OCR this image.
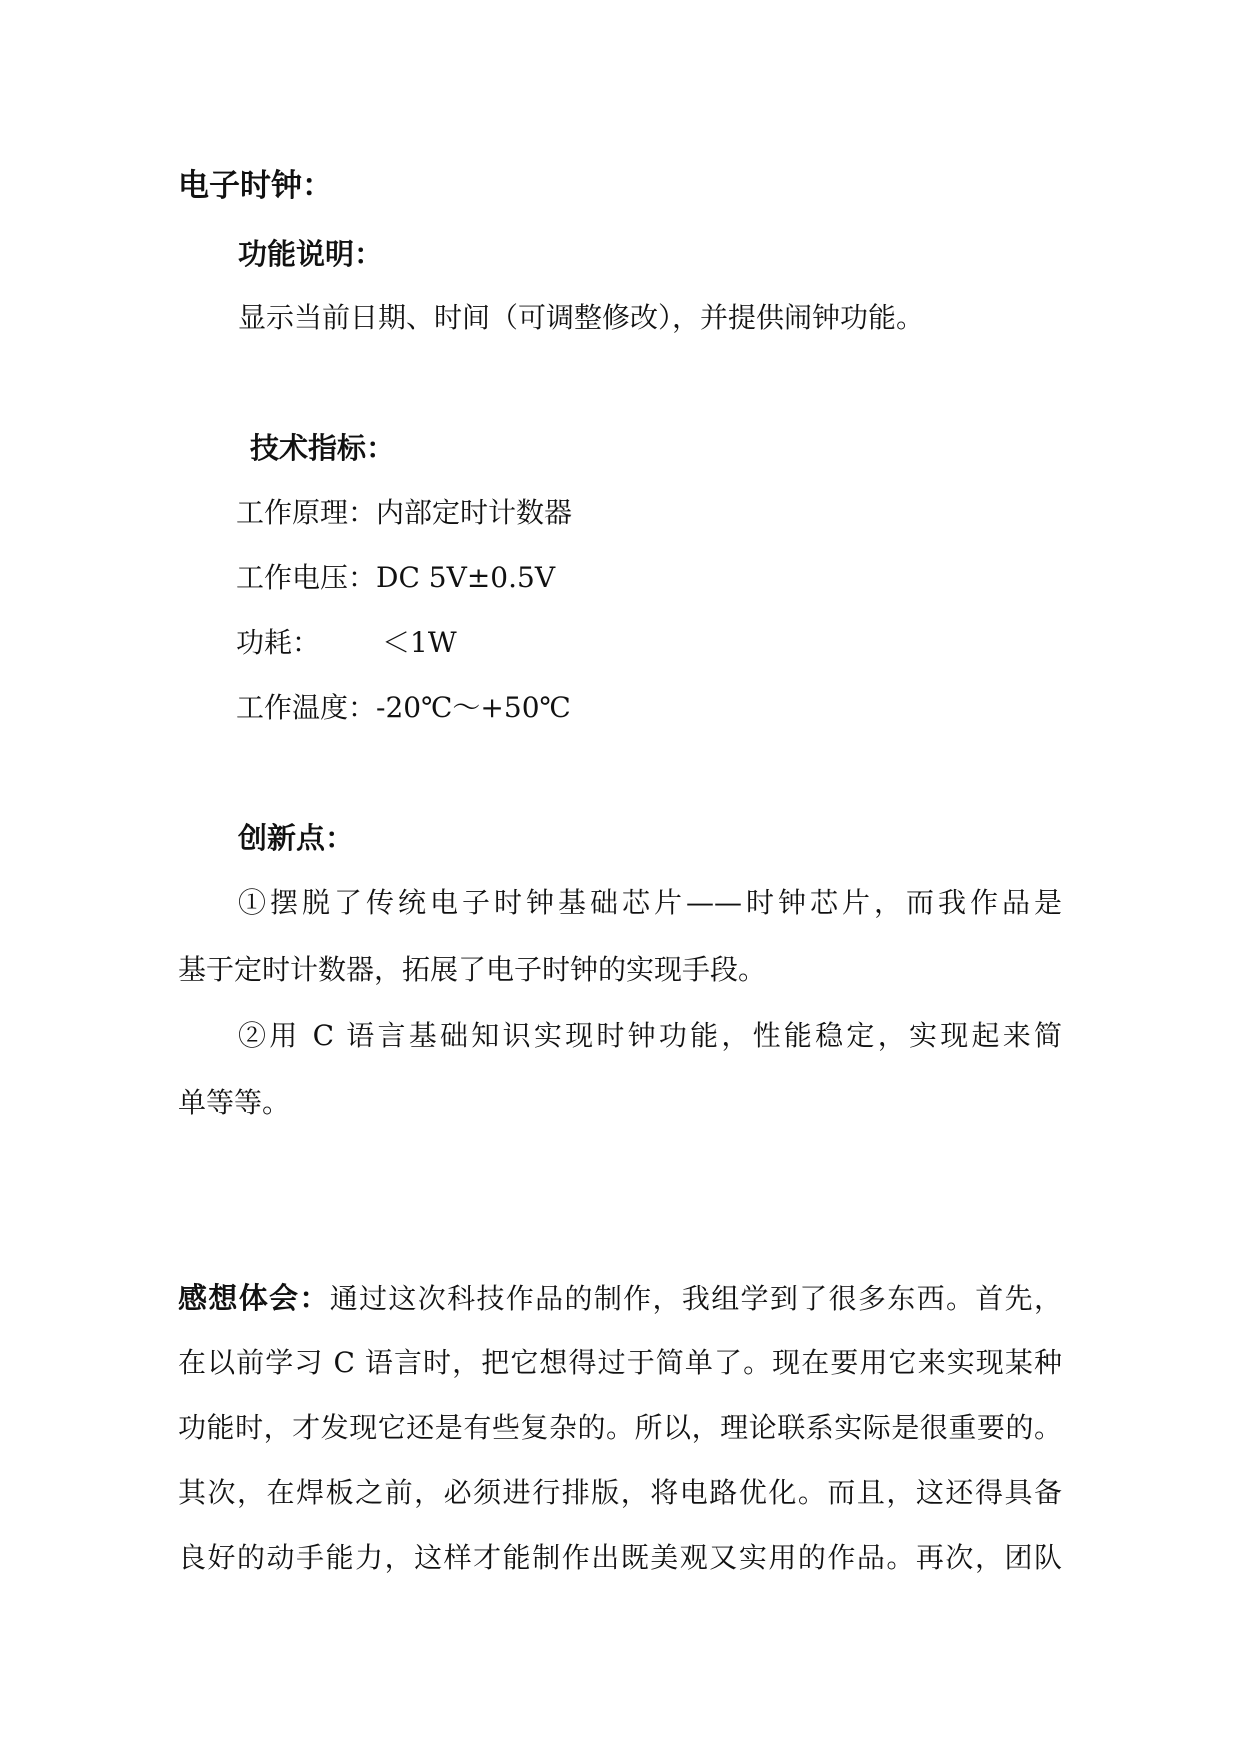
电子时钟：
功能说明：
显示当前日期、时间（可调整修改），并提供闹钟功能。
技术指标：
工作原理：内部定时计数器
工作电压：DC 5V±0.5V
功耗： ＜1W
工作温度：-20℃～+50℃
创新点：
①摆脱了传统电子时钟基础芯片——时钟芯片，而我作品是
基于定时计数器，拓展了电子时钟的实现手段。
②用 C 语言基础知识实现时钟功能，性能稳定，实现起来简
单等等。
感想体会：通过这次科技作品的制作，我组学到了很多东西。首先，
在以前学习 C 语言时，把它想得过于简单了。现在要用它来实现某种
功能时，才发现它还是有些复杂的。所以，理论联系实际是很重要的。
其次，在焊板之前，必须进行排版，将电路优化。而且，这还得具备
良好的动手能力，这样才能制作出既美观又实用的作品。再次，团队
